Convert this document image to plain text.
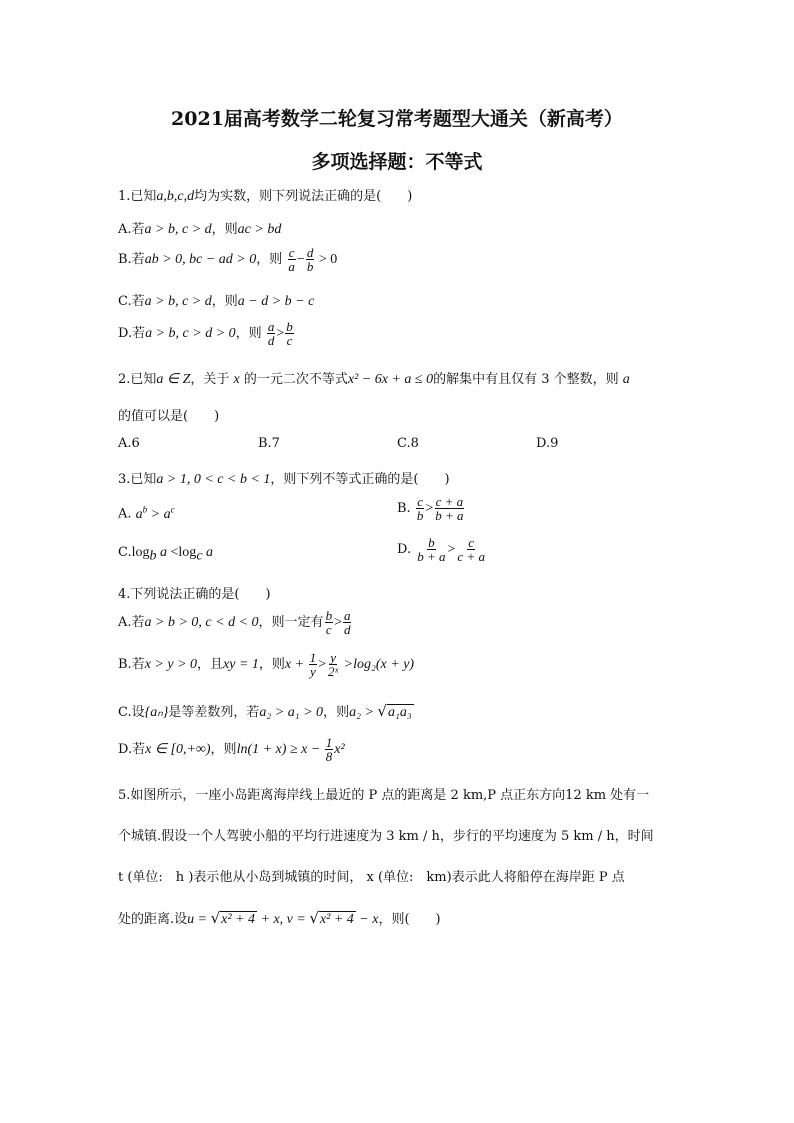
2021届高考数学二轮复习常考题型大通关（新高考）
多项选择题：不等式
1.已知a,b,c,d均为实数，则下列说法正确的是(　　)
A.若a > b, c > d，则ac > bd
B.若ab > 0, bc − ad > 0，则 $\frac{c}{a} - \frac{d}{b} > 0$
C.若a > b, c > d，则a − d > b − c
D.若a > b, c > d > 0，则 $\frac{a}{d} > \frac{b}{c}$
2.已知a ∈ Z，关于 x 的一元二次不等式x² − 6x + a ≤ 0的解集中有且仅有 3 个整数，则 a
的值可以是(　　)
A.6	B.7	C.8	D.9
3.已知a > 1, 0 < c < b < 1，则下列不等式正确的是(　　)
A. $a^b > a^c$	B. $\frac{c}{b} > \frac{c + a}{b + a}$
$C.\log_b$ $a <\log_c$ a	D. $\frac{b}{b + a} > \frac{c}{c + a}$
4.下列说法正确的是(　　)
A.若a > b > 0, c < d < 0，则一定有 $\frac{b}{c} > \frac{a}{d}$
B.若x > y > 0，且xy = 1，则$x + \frac{1}{y} > \frac{y}{\text{2ˣ}} >\log_2(x + y)$
C.设{aₙ}是等差数列，若a₂ > a₁ > 0，则a₂ > √a₁a₃
D.若x ∈ [0,+∞)，则$\ln(1 + x) \ge x - \frac{1}{8} x^2$
5.如图所示，一座小岛距离海岸线上最近的 P 点的距离是 2 km,P 点正东方向12 km 处有一
个城镇.假设一个人驾驶小船的平均行进速度为 3 km / h，步行的平均速度为 5 km / h，时间
t (单位:　h )表示他从小岛到城镇的时间， x (单位:　km)表示此人将船停在海岸距 P 点
处的距离.设u = √x² + 4 + x, v = √x² + 4 − x，则(　　)
